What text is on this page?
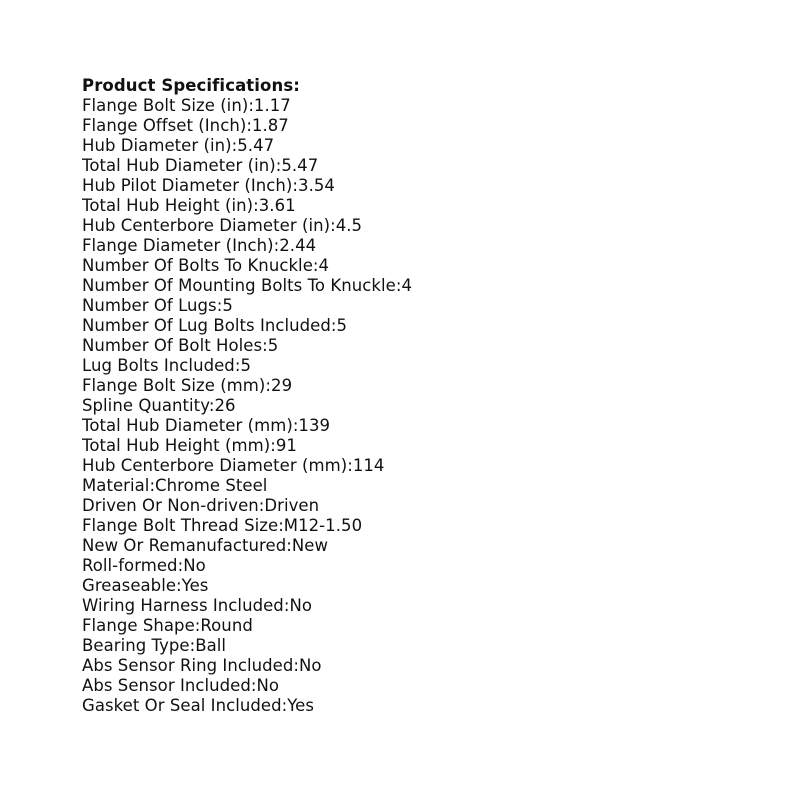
Product Specifications:
Flange Bolt Size (in):1.17
Flange Offset (Inch):1.87
Hub Diameter (in):5.47
Total Hub Diameter (in):5.47
Hub Pilot Diameter (Inch):3.54
Total Hub Height (in):3.61
Hub Centerbore Diameter (in):4.5
Flange Diameter (Inch):2.44
Number Of Bolts To Knuckle:4
Number Of Mounting Bolts To Knuckle:4
Number Of Lugs:5
Number Of Lug Bolts Included:5
Number Of Bolt Holes:5
Lug Bolts Included:5
Flange Bolt Size (mm):29
Spline Quantity:26
Total Hub Diameter (mm):139
Total Hub Height (mm):91
Hub Centerbore Diameter (mm):114
Material:Chrome Steel
Driven Or Non-driven:Driven
Flange Bolt Thread Size:M12-1.50
New Or Remanufactured:New
Roll-formed:No
Greaseable:Yes
Wiring Harness Included:No
Flange Shape:Round
Bearing Type:Ball
Abs Sensor Ring Included:No
Abs Sensor Included:No
Gasket Or Seal Included:Yes
